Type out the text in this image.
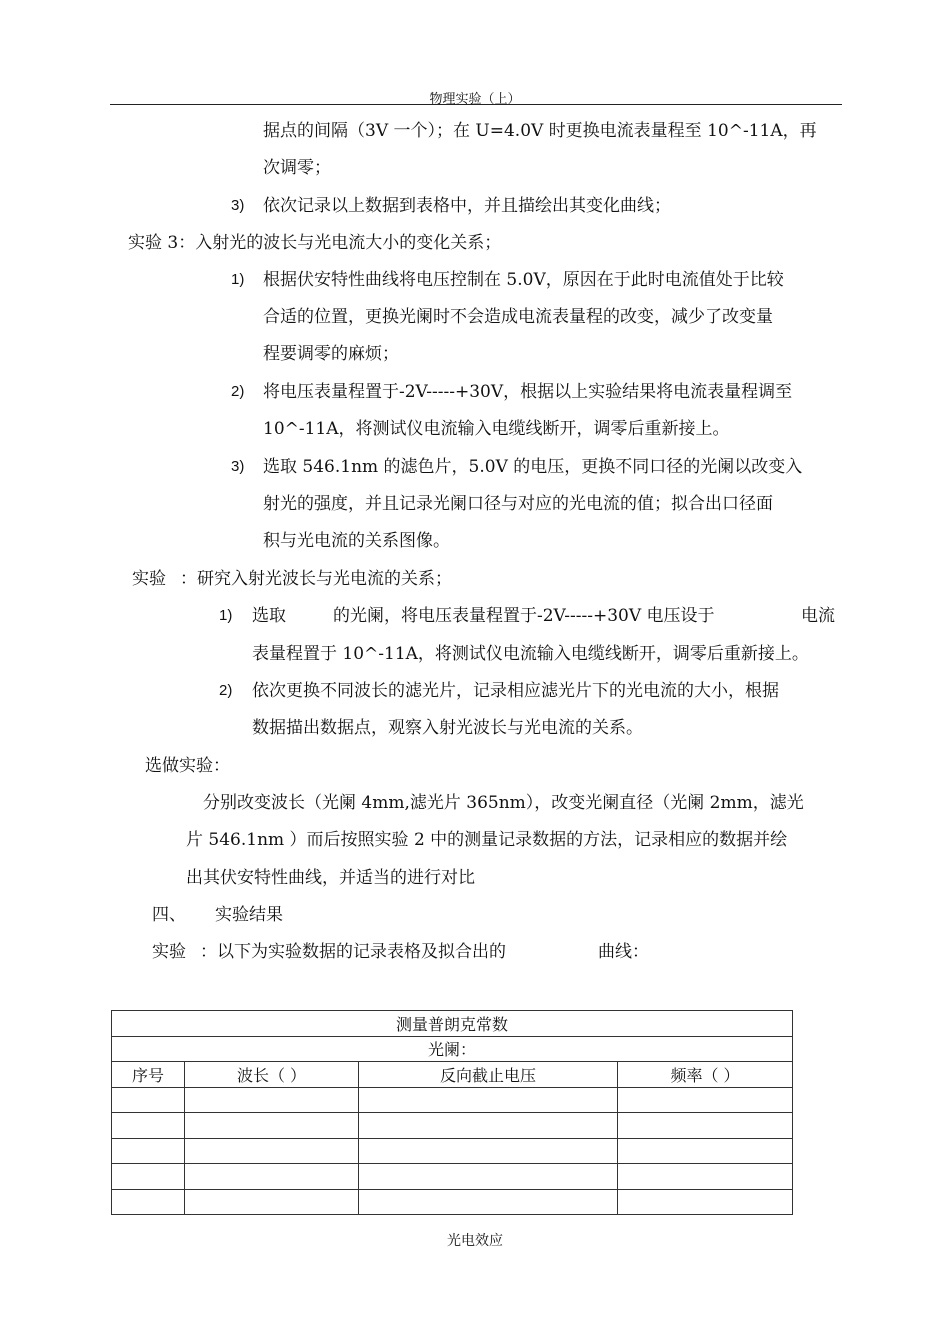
物理实验（上）
据点的间隔（3V 一个）；在 U=4.0V 时更换电流表量程至 10^-11A，再
次调零；
3) 依次记录以上数据到表格中，并且描绘出其变化曲线；
实验 3：入射光的波长与光电流大小的变化关系；
1) 根据伏安特性曲线将电压控制在 5.0V，原因在于此时电流值处于比较
合适的位置，更换光阑时不会造成电流表量程的改变，减少了改变量
程要调零的麻烦；
2) 将电压表量程置于-2V-----+30V，根据以上实验结果将电流表量程调至
10^-11A，将测试仪电流输入电缆线断开，调零后重新接上。
3) 选取 546.1nm 的滤色片，5.0V 的电压，更换不同口径的光阑以改变入
射光的强度，并且记录光阑口径与对应的光电流的值；拟合出口径面
积与光电流的关系图像。
实验 ：研究入射光波长与光电流的关系；
1) 选取	的光阑，将电压表量程置于-2V-----+30V 电压设于	电流
表量程置于 10^-11A，将测试仪电流输入电缆线断开，调零后重新接上。
2) 依次更换不同波长的滤光片，记录相应滤光片下的光电流的大小，根据
数据描出数据点，观察入射光波长与光电流的关系。
选做实验：
分别改变波长（光阑 4mm,滤光片 365nm），改变光阑直径（光阑 2mm，滤光
片 546.1nm ）而后按照实验 2 中的测量记录数据的方法，记录相应的数据并绘
出其伏安特性曲线，并适当的进行对比
四、 实验结果
实验 ：以下为实验数据的记录表格及拟合出的	曲线：
测量普朗克常数			
光阑：			
序号	波长（ ）	反向截止电压	频率（ ）

光电效应
